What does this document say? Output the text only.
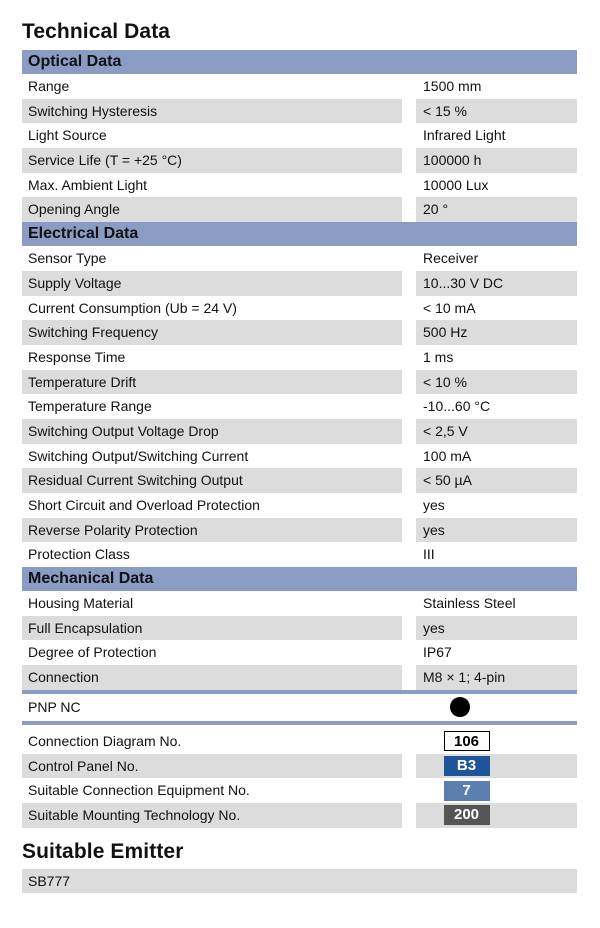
Technical Data
Optical Data
Range	1500 mm
Switching Hysteresis	< 15 %
Light Source	Infrared Light
Service Life (T = +25 °C)	100000 h
Max. Ambient Light	10000 Lux
Opening Angle	20 °
Electrical Data
Sensor Type	Receiver
Supply Voltage	10...30 V DC
Current Consumption (Ub = 24 V)	< 10 mA
Switching Frequency	500 Hz
Response Time	1 ms
Temperature Drift	< 10 %
Temperature Range	-10...60 °C
Switching Output Voltage Drop	< 2,5 V
Switching Output/Switching Current	100 mA
Residual Current Switching Output	< 50 µA
Short Circuit and Overload Protection	yes
Reverse Polarity Protection	yes
Protection Class	III
Mechanical Data
Housing Material	Stainless Steel
Full Encapsulation	yes
Degree of Protection	IP67
Connection	M8 × 1; 4-pin
PNP NC
Connection Diagram No.	106
Control Panel No.	B3
Suitable Connection Equipment No.	7
Suitable Mounting Technology No.	200
Suitable Emitter
SB777
